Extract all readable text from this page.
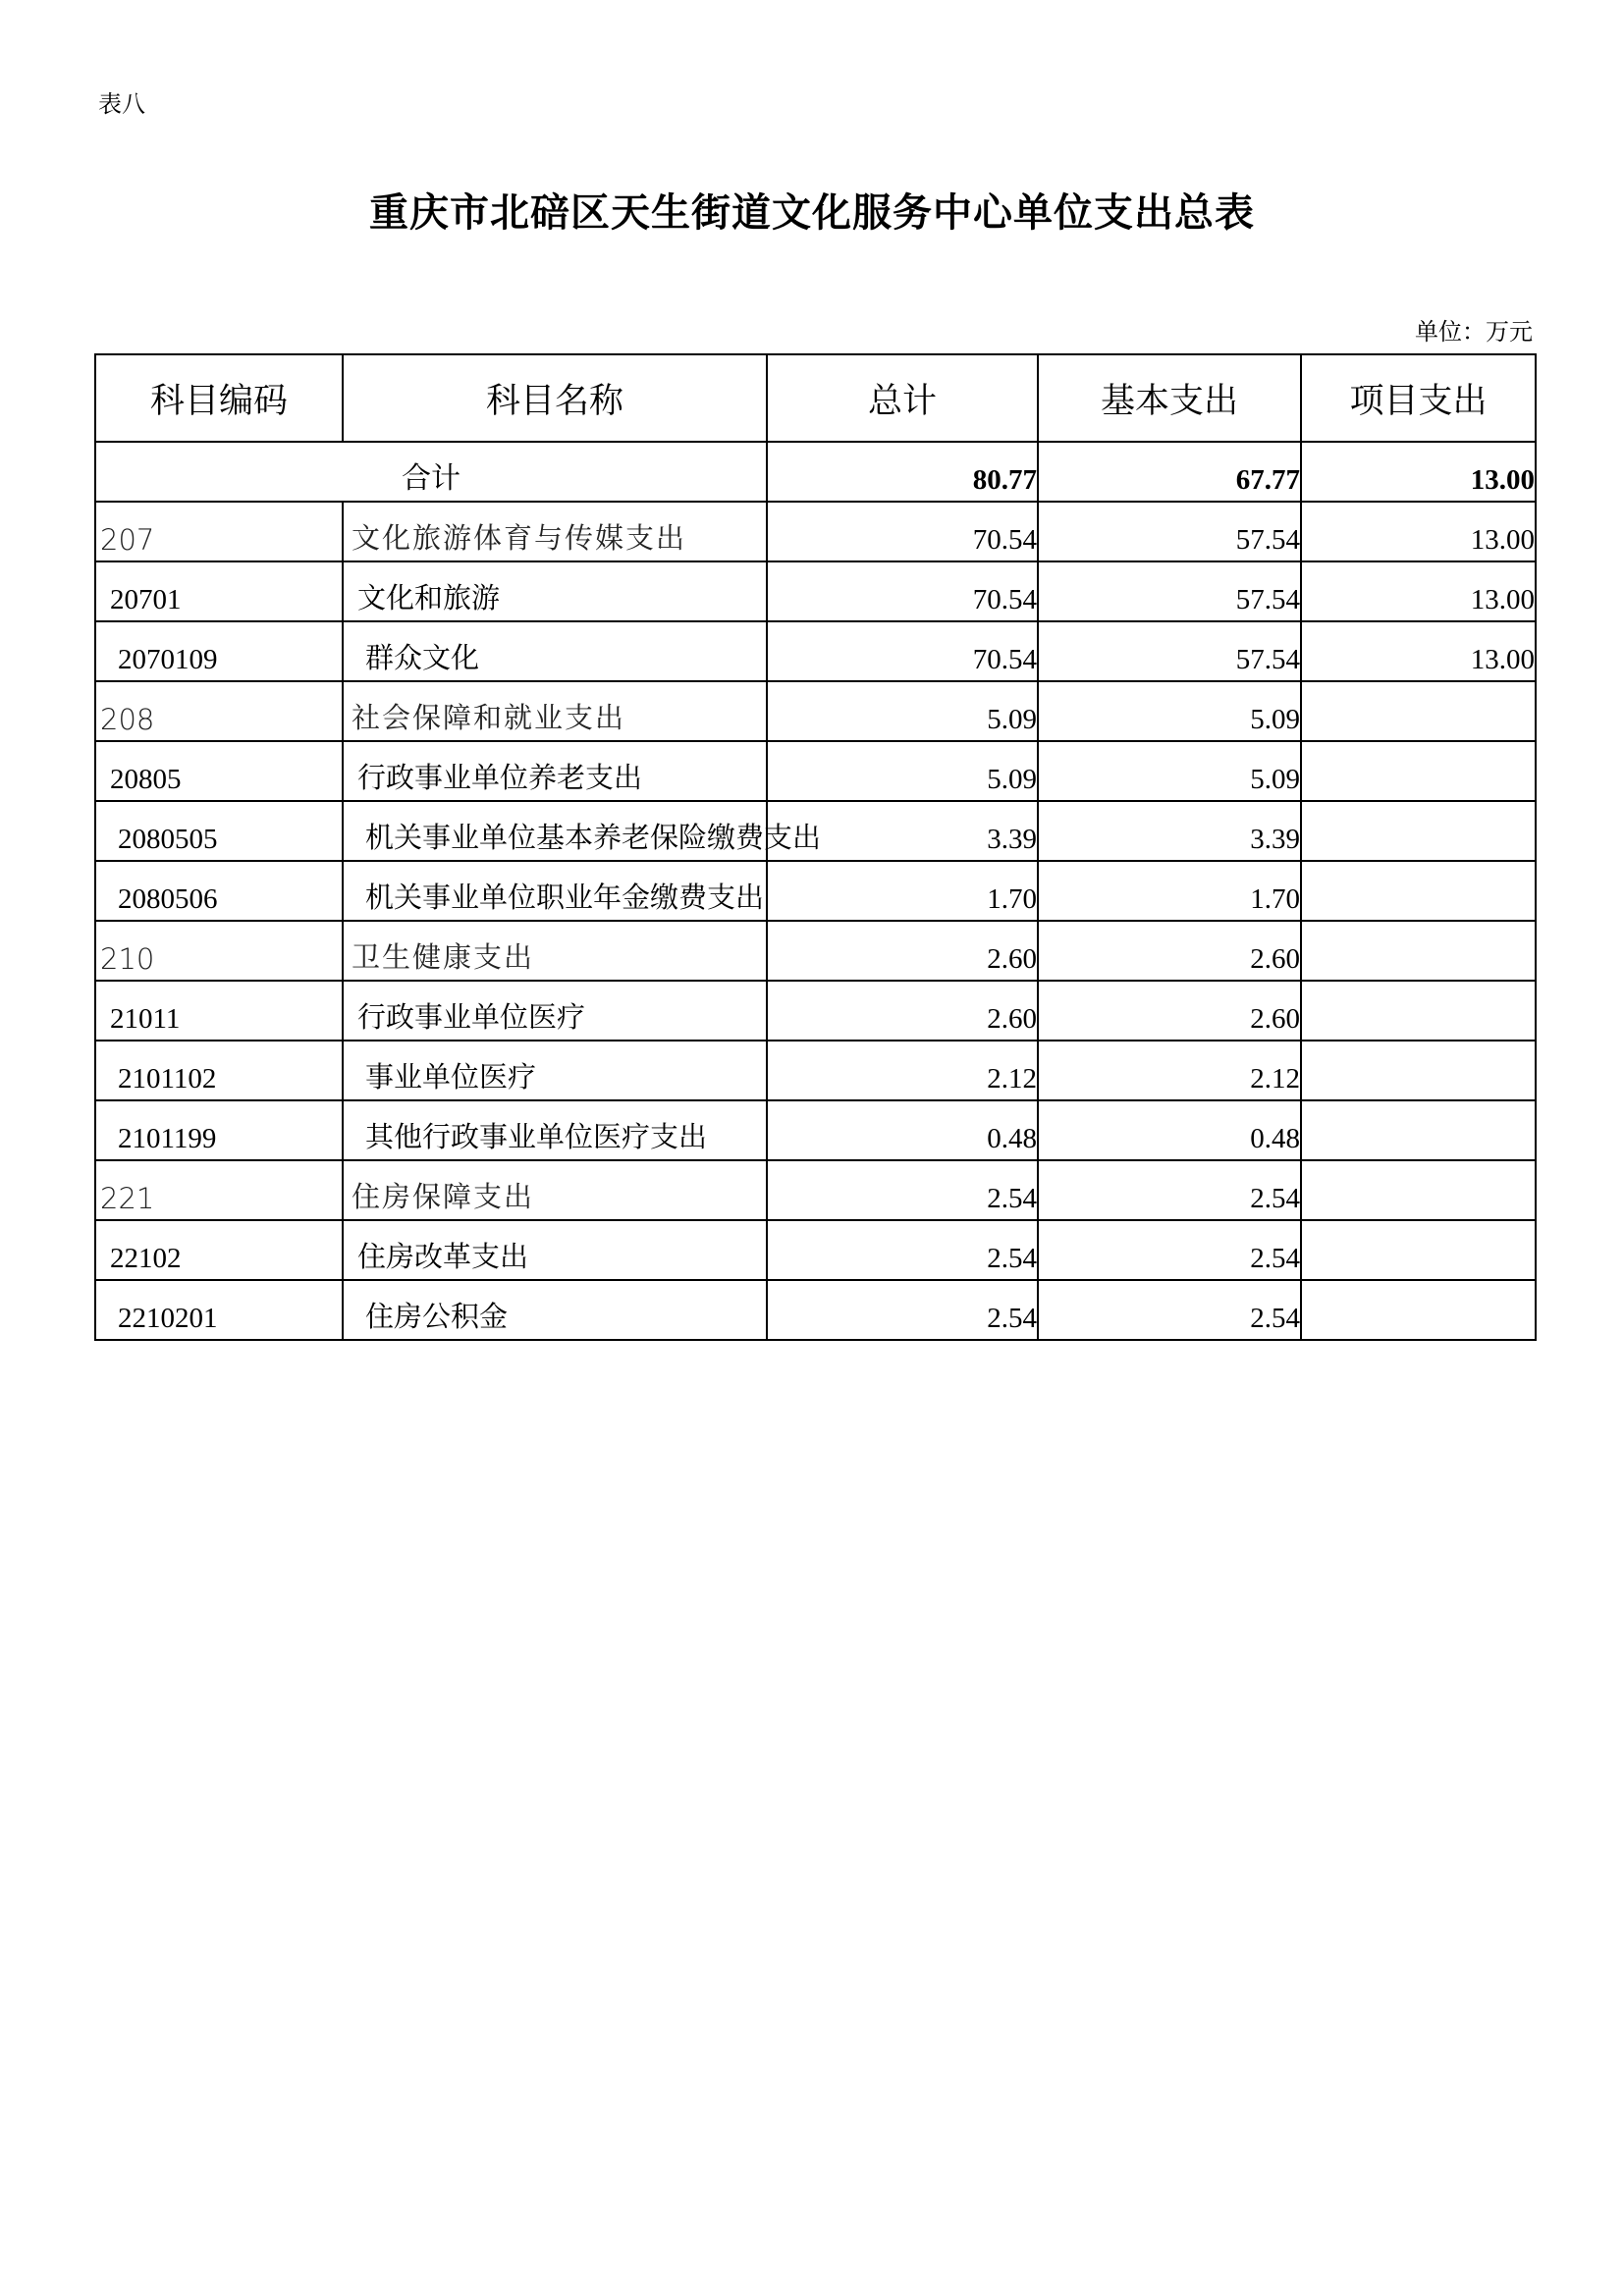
表八
重庆市北碚区天生街道文化服务中心单位支出总表
单位：万元
科目编码	科目名称	总计	基本支出	项目支出
合计		80.77	67.77	13.00
207	文化旅游体育与传媒支出	70.54	57.54	13.00
20701	文化和旅游	70.54	57.54	13.00
2070109	群众文化	70.54	57.54	13.00
208	社会保障和就业支出	5.09	5.09	
20805	行政事业单位养老支出	5.09	5.09	
2080505	机关事业单位基本养老保险缴费支出	3.39	3.39	
2080506	机关事业单位职业年金缴费支出	1.70	1.70	
210	卫生健康支出	2.60	2.60	
21011	行政事业单位医疗	2.60	2.60	
2101102	事业单位医疗	2.12	2.12	
2101199	其他行政事业单位医疗支出	0.48	0.48	
221	住房保障支出	2.54	2.54	
22102	住房改革支出	2.54	2.54	
2210201	住房公积金	2.54	2.54	
